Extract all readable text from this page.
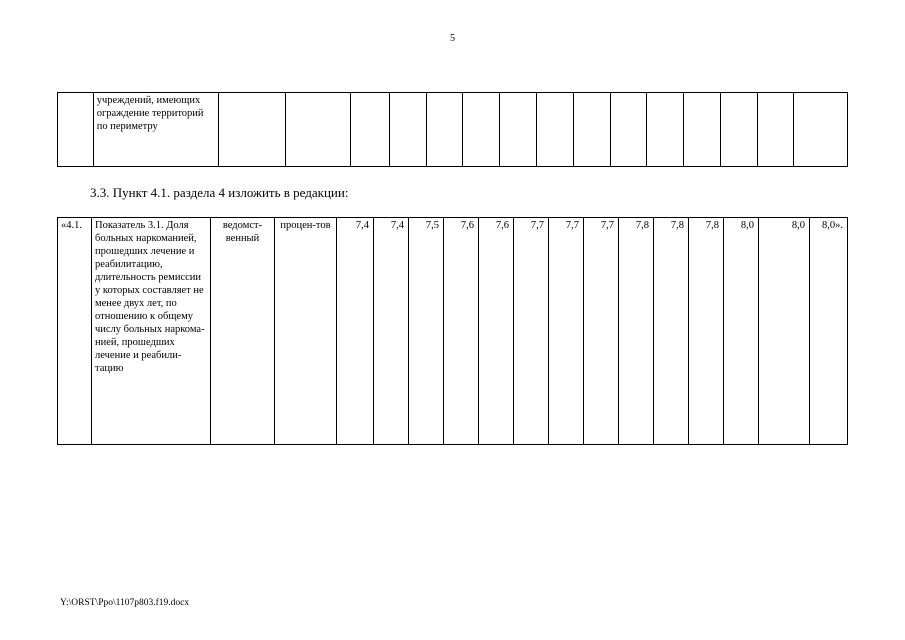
5
	учреждений, имеющих ограждение территорий по периметру															
3.3. Пункт 4.1. раздела 4 изложить в редакции:
«4.1.	Показатель 3.1. Доля больных наркоманией, прошедших лечение и реабилитацию, длительность ремиссии у которых составляет не менее двух лет, по отношению к общему числу больных наркома-нией, прошедших лечение и реабили-тацию	ведомст-венный	процен-тов	7,4	7,4	7,5	7,6	7,6	7,7	7,7	7,7	7,8	7,8	7,8	8,0	8,0	8,0».
Y:\ORST\Ppo\1107p803.f19.docx
